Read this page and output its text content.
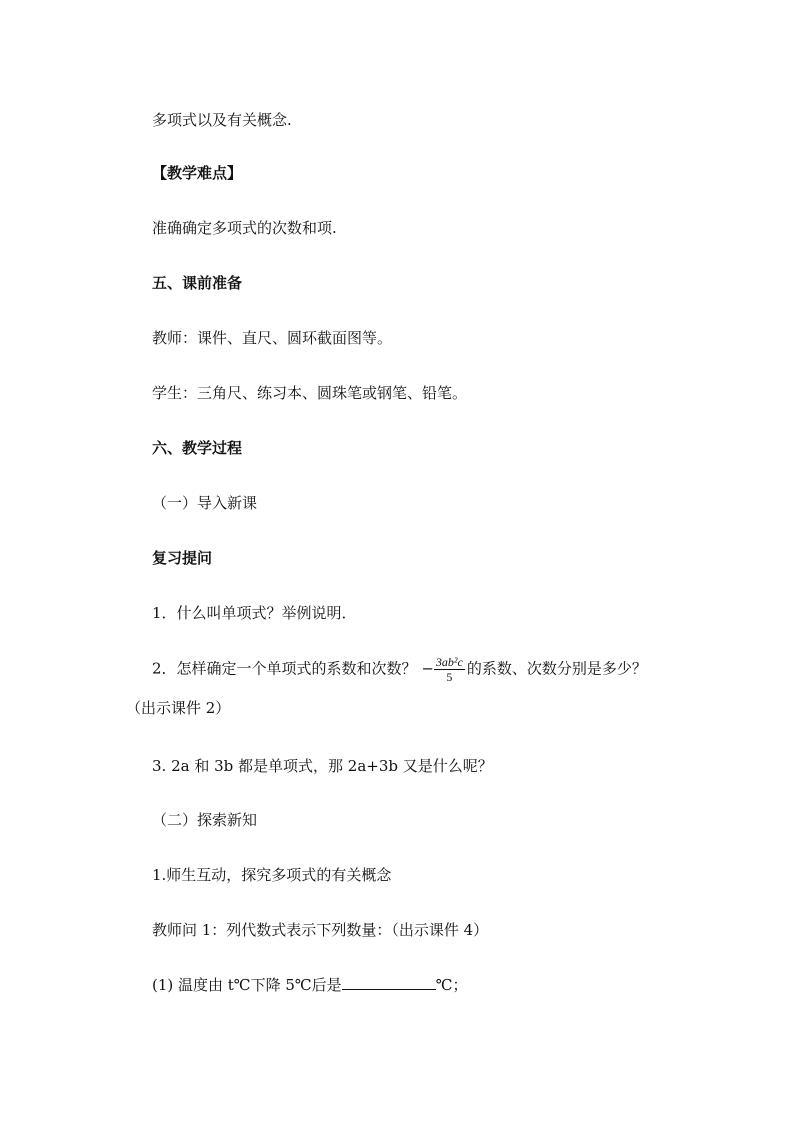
多项式以及有关概念.
【教学难点】
准确确定多项式的次数和项.
五、课前准备
教师：课件、直尺、圆环截面图等。
学生：三角尺、练习本、圆珠笔或钢笔、铅笔。
六、教学过程
（一）导入新课
复习提问
1．什么叫单项式？举例说明．
2．怎样确定一个单项式的系数和次数？ − $\frac{\text{3ab²c}}{5}$ 的系数、次数分别是多少？
（出示课件 2）
3. 2a 和 3b 都是单项式，那 2a+3b 又是什么呢？
（二）探索新知
1.师生互动，探究多项式的有关概念
教师问 1：列代数式表示下列数量：（出示课件 4）
(1) 温度由 t℃下降 5℃后是	℃；
